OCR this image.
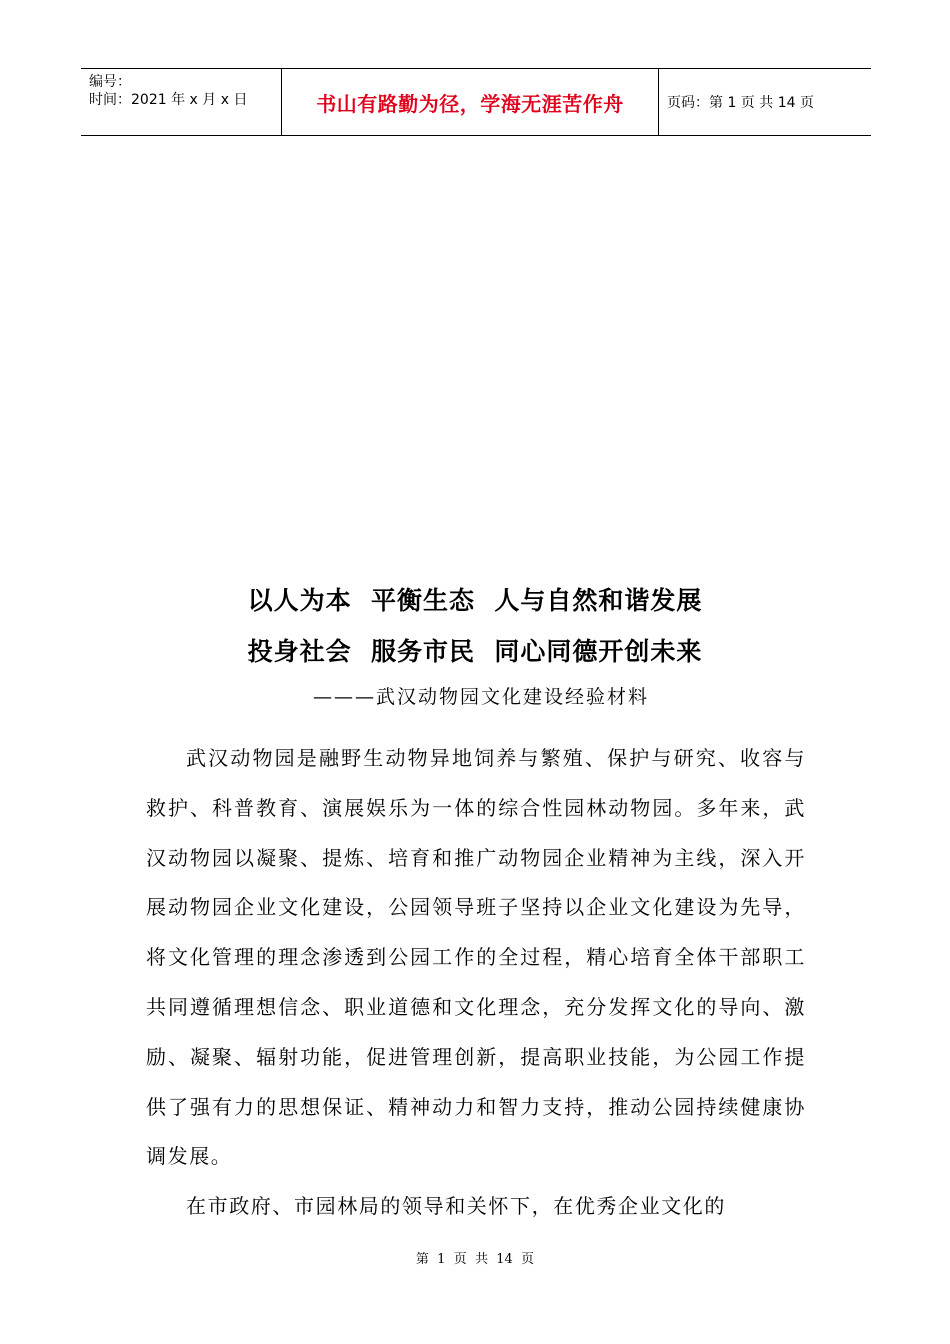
编号：
时间：2021 年 x 月 x 日	书山有路勤为径，学海无涯苦作舟	页码：第 1 页 共 14 页
以人为本  平衡生态  人与自然和谐发展
投身社会  服务市民  同心同德开创未来
———武汉动物园文化建设经验材料

武汉动物园是融野生动物异地饲养与繁殖、保护与研究、收容与救护、科普教育、演展娱乐为一体的综合性园林动物园。多年来，武汉动物园以凝聚、提炼、培育和推广动物园企业精神为主线，深入开展动物园企业文化建设，公园领导班子坚持以企业文化建设为先导，将文化管理的理念渗透到公园工作的全过程，精心培育全体干部职工共同遵循理想信念、职业道德和文化理念，充分发挥文化的导向、激励、凝聚、辐射功能，促进管理创新，提高职业技能，为公园工作提供了强有力的思想保证、精神动力和智力支持，推动公园持续健康协调发展。

在市政府、市园林局的领导和关怀下，在优秀企业文化的

第  1  页  共  14  页
